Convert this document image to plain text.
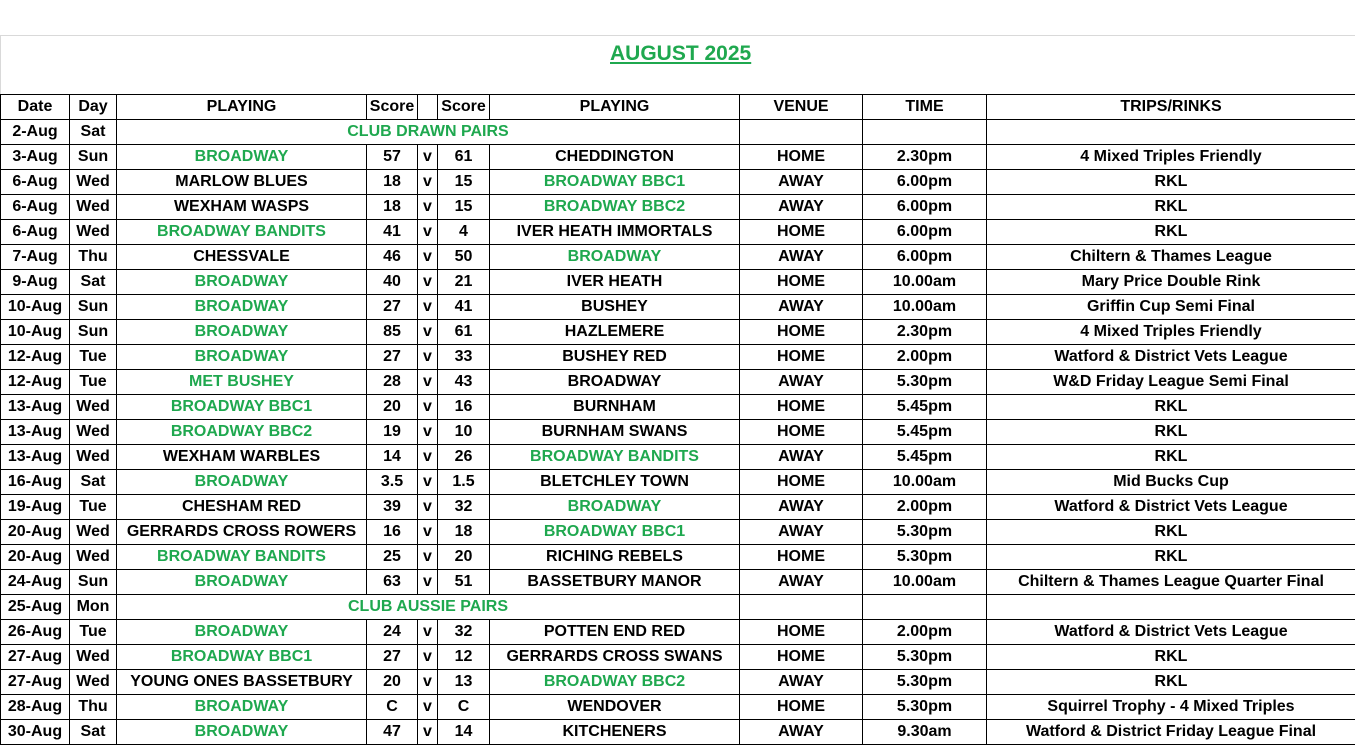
AUGUST 2025
Date	Day	PLAYING	Score		Score	PLAYING	VENUE	TIME	TRIPS/RINKS
2-Aug	Sat	CLUB DRAWN PAIRS							
3-Aug	Sun	BROADWAY	57	v	61	CHEDDINGTON	HOME	2.30pm	4 Mixed Triples Friendly
6-Aug	Wed	MARLOW BLUES	18	v	15	BROADWAY BBC1	AWAY	6.00pm	RKL
6-Aug	Wed	WEXHAM WASPS	18	v	15	BROADWAY BBC2	AWAY	6.00pm	RKL
6-Aug	Wed	BROADWAY BANDITS	41	v	4	IVER HEATH IMMORTALS	HOME	6.00pm	RKL
7-Aug	Thu	CHESSVALE	46	v	50	BROADWAY	AWAY	6.00pm	Chiltern & Thames League
9-Aug	Sat	BROADWAY	40	v	21	IVER HEATH	HOME	10.00am	Mary Price Double Rink
10-Aug	Sun	BROADWAY	27	v	41	BUSHEY	AWAY	10.00am	Griffin Cup Semi Final
10-Aug	Sun	BROADWAY	85	v	61	HAZLEMERE	HOME	2.30pm	4 Mixed Triples Friendly
12-Aug	Tue	BROADWAY	27	v	33	BUSHEY RED	HOME	2.00pm	Watford & District Vets League
12-Aug	Tue	MET BUSHEY	28	v	43	BROADWAY	AWAY	5.30pm	W&D Friday League Semi Final
13-Aug	Wed	BROADWAY BBC1	20	v	16	BURNHAM	HOME	5.45pm	RKL
13-Aug	Wed	BROADWAY BBC2	19	v	10	BURNHAM SWANS	HOME	5.45pm	RKL
13-Aug	Wed	WEXHAM WARBLES	14	v	26	BROADWAY BANDITS	AWAY	5.45pm	RKL
16-Aug	Sat	BROADWAY	3.5	v	1.5	BLETCHLEY TOWN	HOME	10.00am	Mid Bucks Cup
19-Aug	Tue	CHESHAM RED	39	v	32	BROADWAY	AWAY	2.00pm	Watford & District Vets League
20-Aug	Wed	GERRARDS CROSS ROWERS	16	v	18	BROADWAY BBC1	AWAY	5.30pm	RKL
20-Aug	Wed	BROADWAY BANDITS	25	v	20	RICHING REBELS	HOME	5.30pm	RKL
24-Aug	Sun	BROADWAY	63	v	51	BASSETBURY MANOR	AWAY	10.00am	Chiltern & Thames League Quarter Final
25-Aug	Mon	CLUB AUSSIE PAIRS							
26-Aug	Tue	BROADWAY	24	v	32	POTTEN END RED	HOME	2.00pm	Watford & District Vets League
27-Aug	Wed	BROADWAY BBC1	27	v	12	GERRARDS CROSS SWANS	HOME	5.30pm	RKL
27-Aug	Wed	YOUNG ONES BASSETBURY	20	v	13	BROADWAY BBC2	AWAY	5.30pm	RKL
28-Aug	Thu	BROADWAY	C	v	C	WENDOVER	HOME	5.30pm	Squirrel Trophy - 4 Mixed Triples
30-Aug	Sat	BROADWAY	47	v	14	KITCHENERS	AWAY	9.30am	Watford & District Friday League Final
